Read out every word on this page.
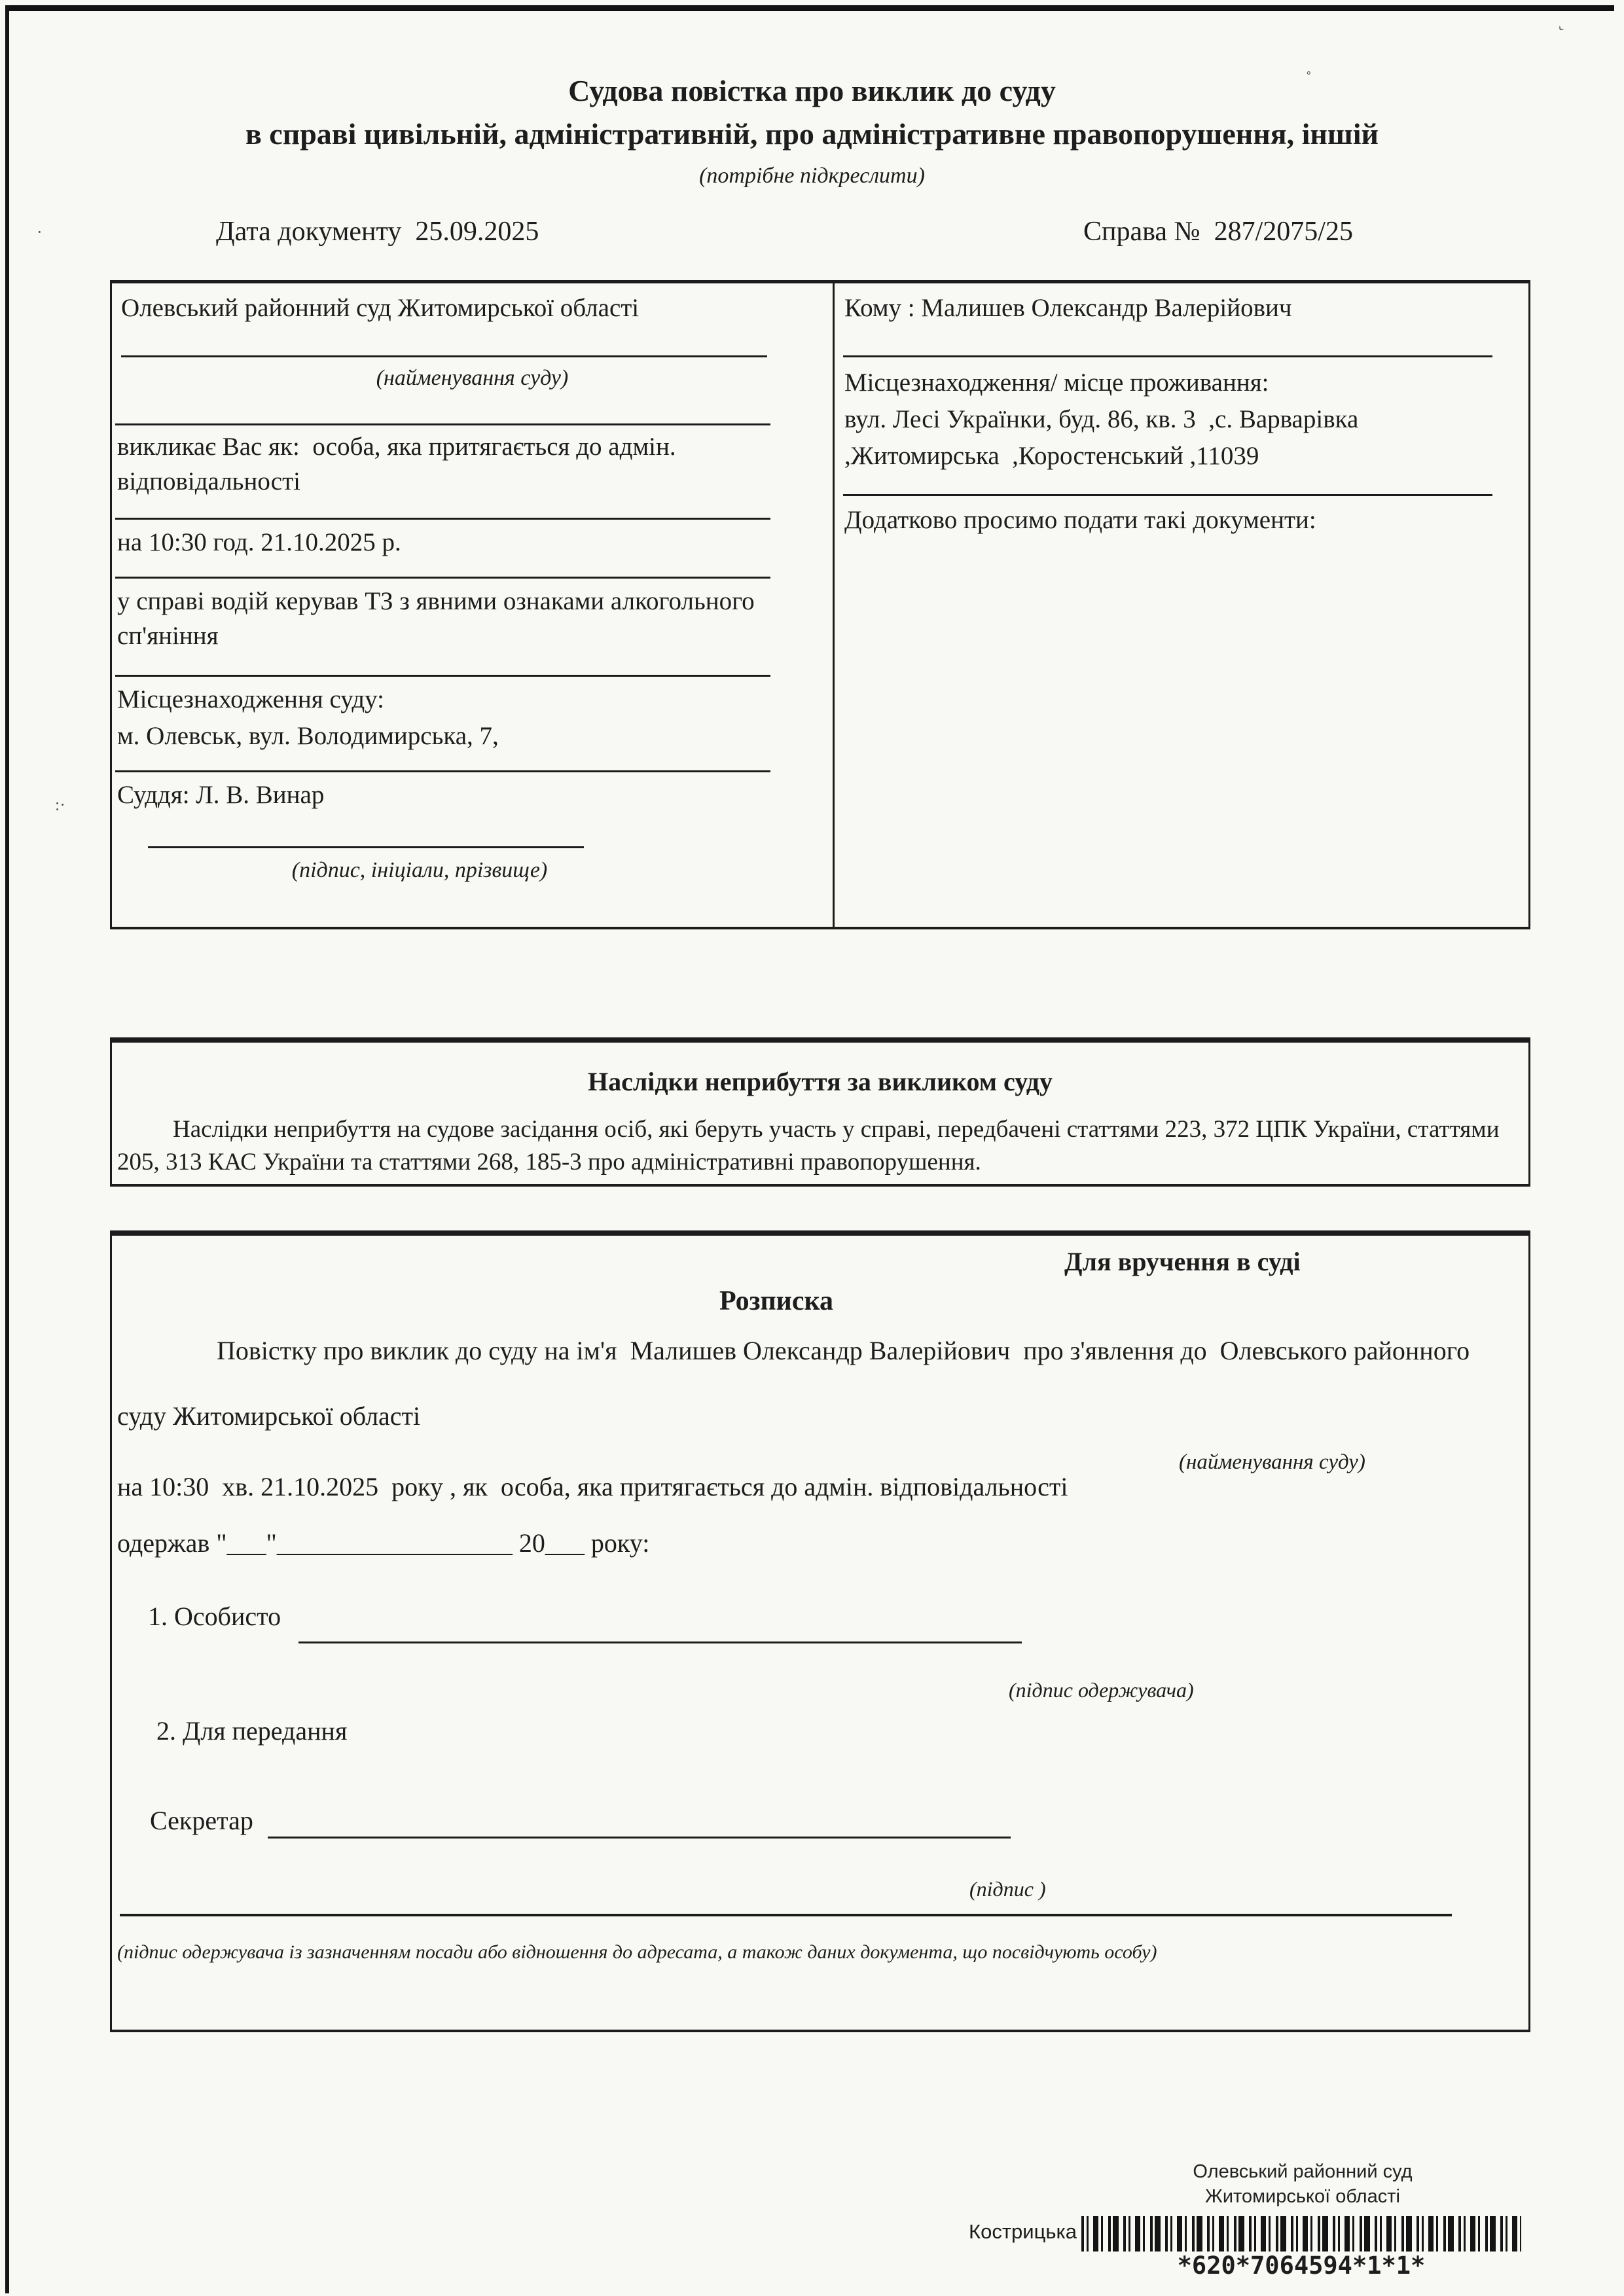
ˇ
·
:·
˚
Судова повістка про виклик до суду
в справі цивільній, адміністративній, про адміністративне правопорушення, іншій
(потрібне підкреслити)
Дата документу  25.09.2025	Справа №  287/2075/25
Олевський районний суд Житомирської області
(найменування суду)
викликає Вас як:  особа, яка притягається до адмін. відповідальності
на 10:30 год. 21.10.2025 р.
у справі водій керував ТЗ з явними ознаками алкогольного сп'яніння
Місцезнаходження суду:
м. Олевськ, вул. Володимирська, 7,
Суддя: Л. В. Винар
(підпис, ініціали, прізвище)
Кому : Малишев Олександр Валерійович
Місцезнаходження/ місце проживання:
вул. Лесі Українки, буд. 86, кв. 3  ,с. Варварівка
,Житомирська  ,Коростенський ,11039
Додатково просимо подати такі документи:
Наслідки неприбуття за викликом суду
Наслідки неприбуття на судове засідання осіб, які беруть участь у справі, передбачені статтями 223, 372 ЦПК України, статтями 205, 313 КАС України та статтями 268, 185-3 про адміністративні правопорушення.
Для вручення в суді
Розписка
Повістку про виклик до суду на ім'я  Малишев Олександр Валерійович  про з'явлення до  Олевського районного
суду Житомирської області
(найменування суду)
на 10:30  хв. 21.10.2025  року , як  особа, яка притягається до адмін. відповідальності
одержав "___"__________________ 20___ року:
1. Особисто
(підпис одержувача)
2. Для передання
Секретар
(підпис )
(підпис одержувача із зазначенням посади або відношення до адресата, а також даних документа, що посвідчують особу)
Олевський районний суд
Житомирської області
Кострицька
*620*7064594*1*1*
